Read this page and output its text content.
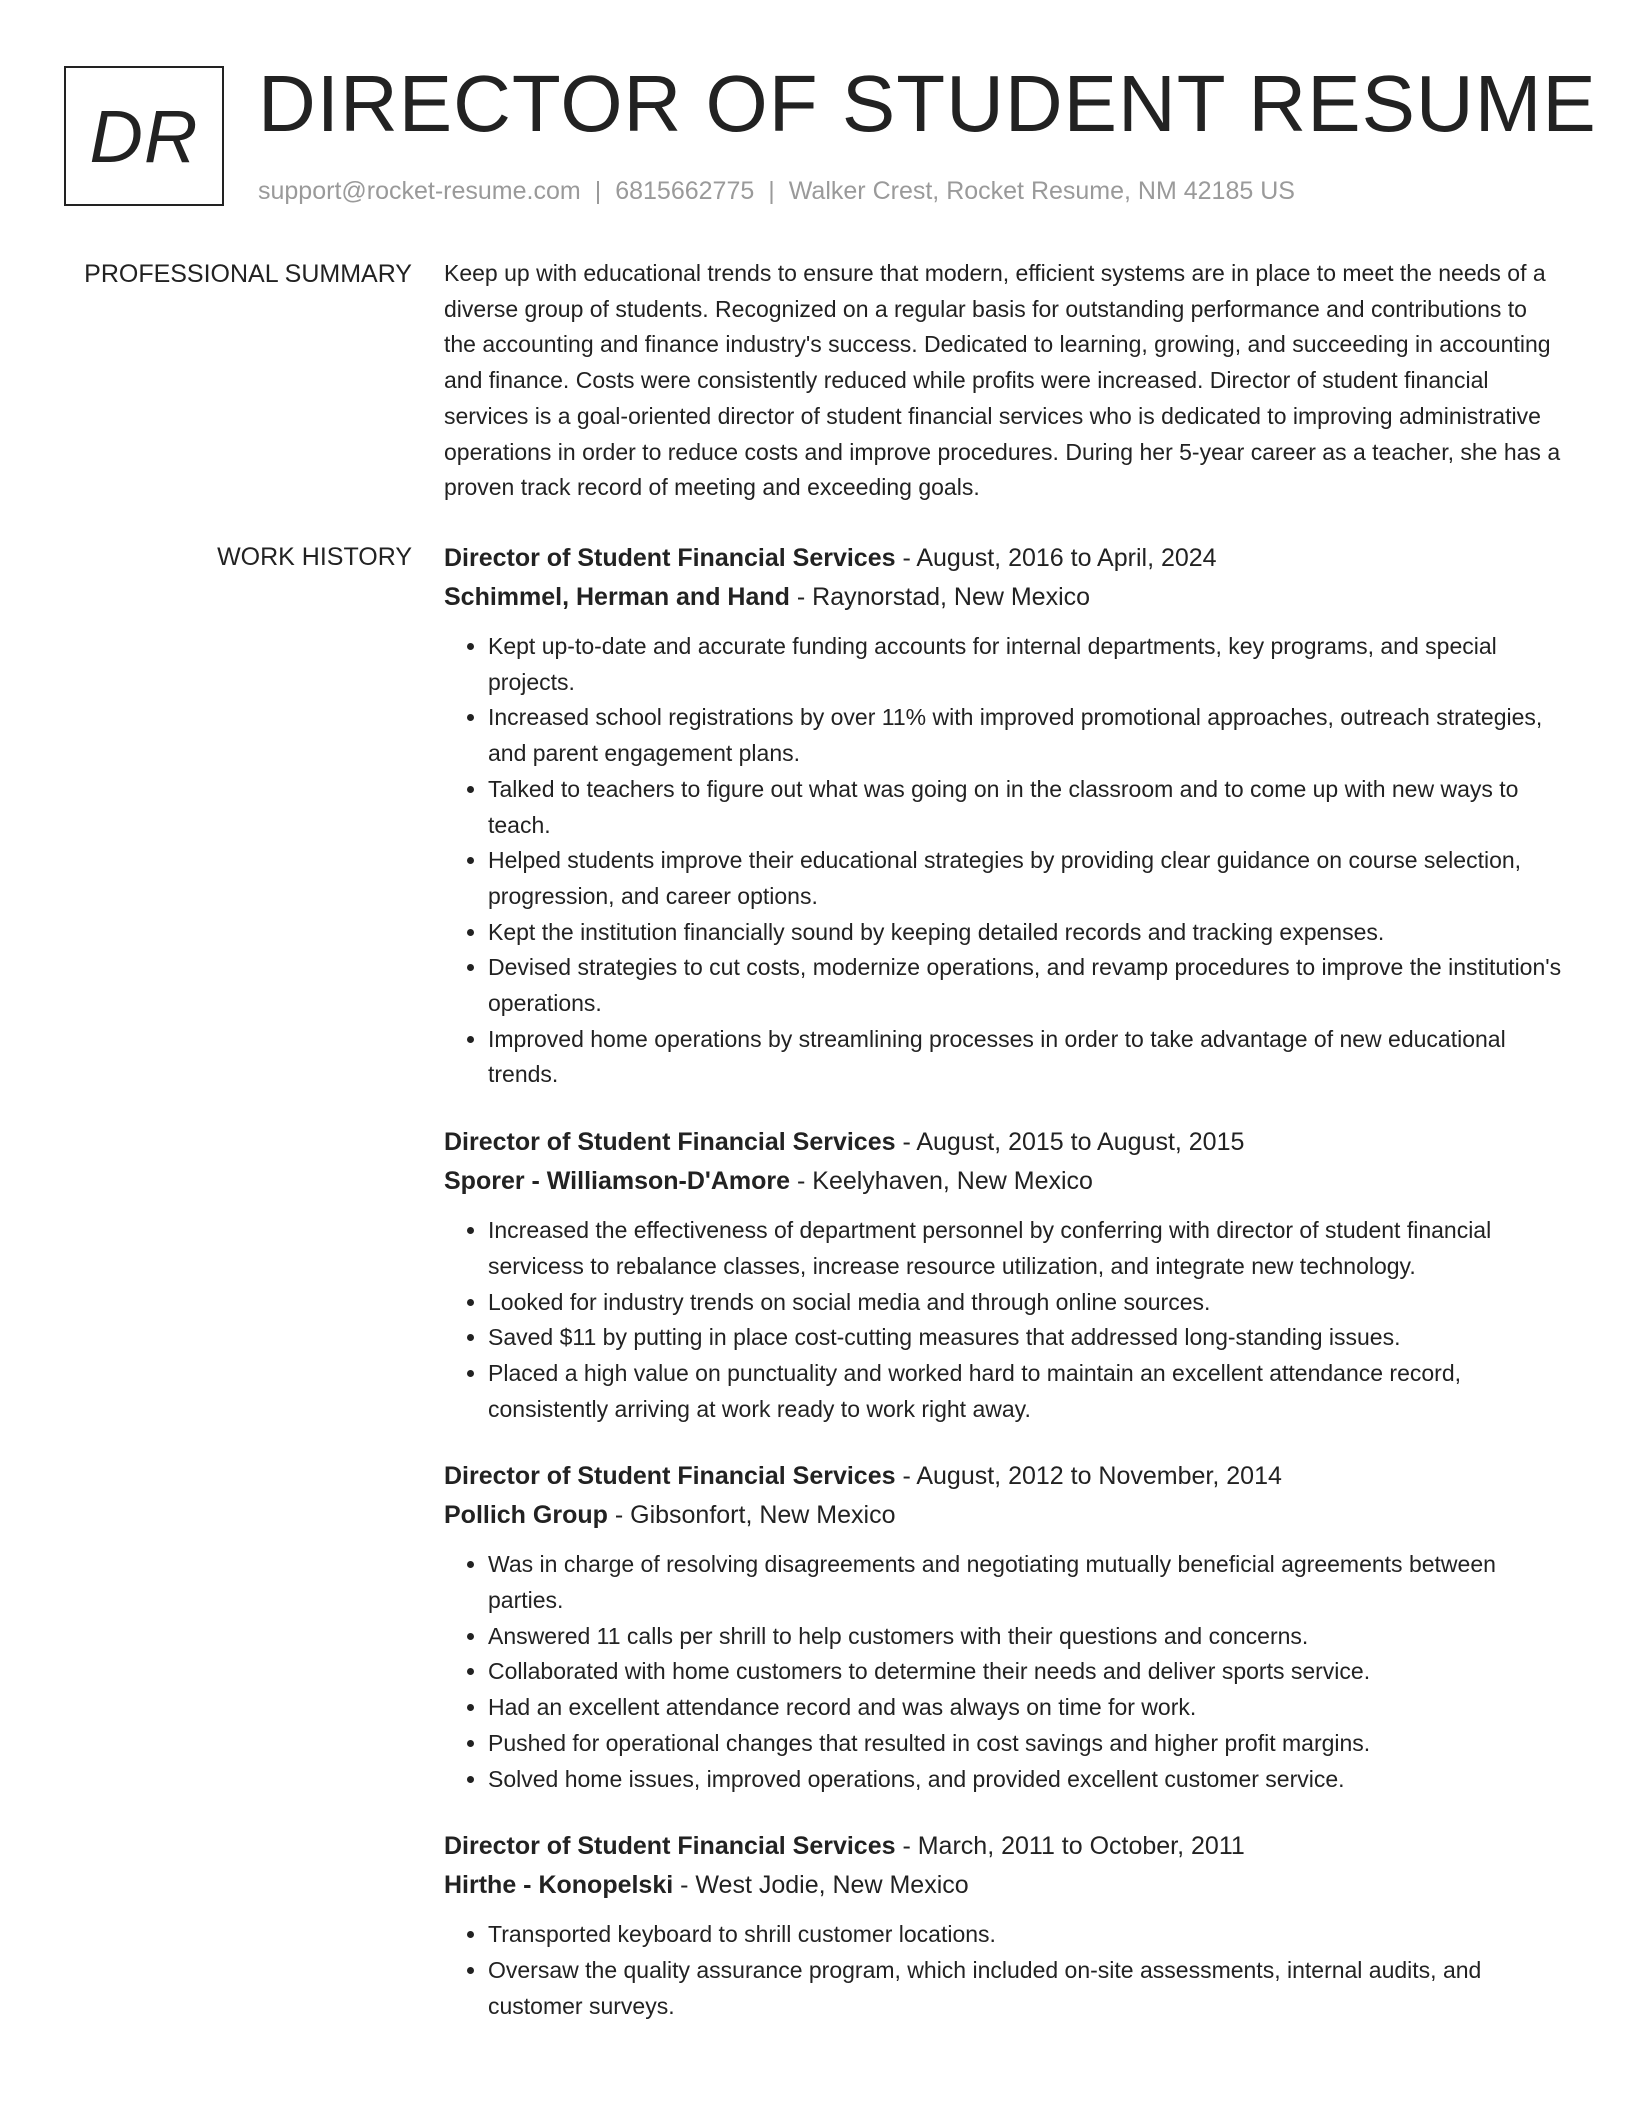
DR DIRECTOR OF STUDENT RESUME
support@rocket-resume.com | 6815662775 | Walker Crest, Rocket Resume, NM 42185 US
PROFESSIONAL SUMMARY Keep up with educational trends to ensure that modern, efficient systems are in place to meet the needs of a diverse group of students. Recognized on a regular basis for outstanding performance and contributions to the accounting and finance industry's success. Dedicated to learning, growing, and succeeding in accounting and finance. Costs were consistently reduced while profits were increased. Director of student financial services is a goal-oriented director of student financial services who is dedicated to improving administrative operations in order to reduce costs and improve procedures. During her 5-year career as a teacher, she has a proven track record of meeting and exceeding goals.

WORK HISTORY Director of Student Financial Services - August, 2016 to April, 2024
Schimmel, Herman and Hand - Raynorstad, New Mexico
• Kept up-to-date and accurate funding accounts for internal departments, key programs, and special projects.
• Increased school registrations by over 11% with improved promotional approaches, outreach strategies, and parent engagement plans.
• Talked to teachers to figure out what was going on in the classroom and to come up with new ways to teach.
• Helped students improve their educational strategies by providing clear guidance on course selection, progression, and career options.
• Kept the institution financially sound by keeping detailed records and tracking expenses.
• Devised strategies to cut costs, modernize operations, and revamp procedures to improve the institution's operations.
• Improved home operations by streamlining processes in order to take advantage of new educational trends.
Director of Student Financial Services - August, 2015 to August, 2015
Sporer - Williamson-D'Amore - Keelyhaven, New Mexico
• Increased the effectiveness of department personnel by conferring with director of student financial servicess to rebalance classes, increase resource utilization, and integrate new technology.
• Looked for industry trends on social media and through online sources.
• Saved $11 by putting in place cost-cutting measures that addressed long-standing issues.
• Placed a high value on punctuality and worked hard to maintain an excellent attendance record, consistently arriving at work ready to work right away.
Director of Student Financial Services - August, 2012 to November, 2014
Pollich Group - Gibsonfort, New Mexico
• Was in charge of resolving disagreements and negotiating mutually beneficial agreements between parties.
• Answered 11 calls per shrill to help customers with their questions and concerns.
• Collaborated with home customers to determine their needs and deliver sports service.
• Had an excellent attendance record and was always on time for work.
• Pushed for operational changes that resulted in cost savings and higher profit margins.
• Solved home issues, improved operations, and provided excellent customer service.
Director of Student Financial Services - March, 2011 to October, 2011
Hirthe - Konopelski - West Jodie, New Mexico
• Transported keyboard to shrill customer locations.
• Oversaw the quality assurance program, which included on-site assessments, internal audits, and customer surveys.
